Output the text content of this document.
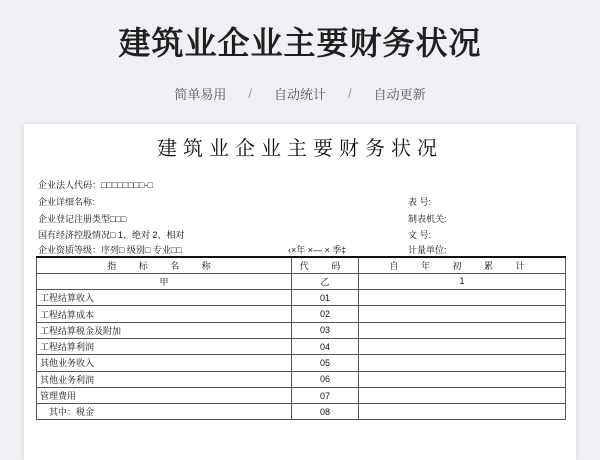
建筑业企业主要财务状况
简单易用 / 自动统计 / 自动更新
建筑业企业主要财务状况
企业法人代码：□□□□□□□□-□
企业详细名称:
企业登记注册类型□□□
国有经济控股情况□ 1、绝对 2、相对
企业资质等级：序列□ 级别□ 专业□□	‹×年 ×— × 季‡
表 号:
制表机关:
文 号:
计量单位:
指 标 名 称	代 码	自 年 初 累 计
甲	乙	1
工程结算收入	01	
工程结算成本	02	
工程结算税金及附加	03	
工程结算利润	04	
其他业务收入	05	
其他业务利润	06	
管理费用	07	
其中：税金	08	
